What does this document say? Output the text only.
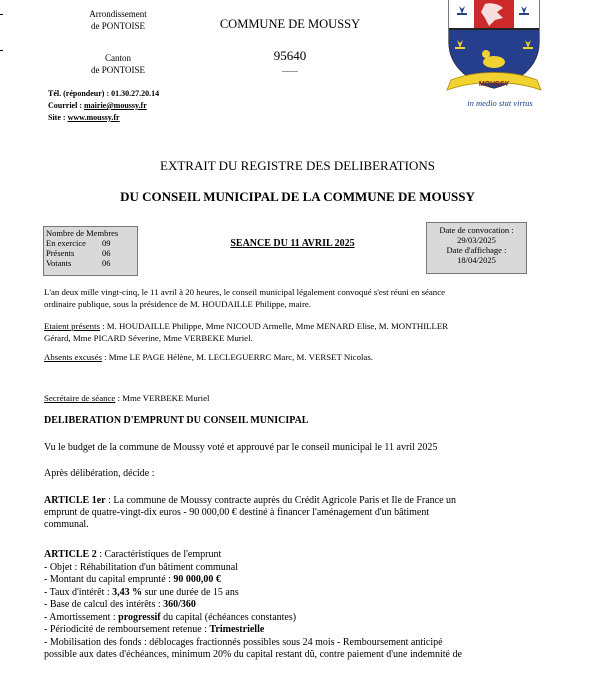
Arrondissement
de PONTOISE
Canton
de PONTOISE
Tél. (répondeur) : 01.30.27.20.14
Courriel : mairie@moussy.fr
Site : www.moussy.fr
COMMUNE DE MOUSSY
95640
MOUSSY
in medio stat virtus
EXTRAIT DU REGISTRE DES DELIBERATIONS
DU CONSEIL MUNICIPAL DE LA COMMUNE DE MOUSSY
Nombre de Membres
En exercice	09
Présents	06
Votants	06
SEANCE DU 11 AVRIL 2025
Date de convocation :
29/03/2025
Date d'affichage :
18/04/2025
L'an deux mille vingt-cinq, le 11 avril à 20 heures, le conseil municipal légalement convoqué s'est réuni en séance
ordinaire publique, sous la présidence de M. HOUDAILLE Philippe, maire.
Etaient présents : M. HOUDAILLE Philippe, Mme NICOUD Armelle, Mme MENARD Elise, M. MONTHILLER
Gérard, Mme PICARD Séverine, Mme VERBEKE Muriel.
Absents excusés : Mme LE PAGE Hélène, M. LECLEGUERRC Marc, M. VERSET Nicolas.
Secrétaire de séance : Mme VERBEKE Muriel
DELIBERATION D'EMPRUNT DU CONSEIL MUNICIPAL
Vu le budget de la commune de Moussy voté et approuvé par le conseil municipal le 11 avril 2025
Après délibération, décide :
ARTICLE 1er : La commune de Moussy contracte auprès du Crédit Agricole Paris et Ile de France un
emprunt de quatre-vingt-dix euros - 90 000,00 € destiné à financer l'aménagement d'un bâtiment
communal.
ARTICLE 2 : Caractéristiques de l'emprunt
- Objet : Réhabilitation d'un bâtiment communal
- Montant du capital emprunté : 90 000,00 €
- Taux d'intérêt : 3,43 % sur une durée de 15 ans
- Base de calcul des intérêts : 360/360
- Amortissement : progressif du capital (échéances constantes)
- Périodicité de remboursement retenue : Trimestrielle
- Mobilisation des fonds : déblocages fractionnés possibles sous 24 mois - Remboursement anticipé
possible aux dates d'échéances, minimum 20% du capital restant dû, contre paiement d'une indemnité de
